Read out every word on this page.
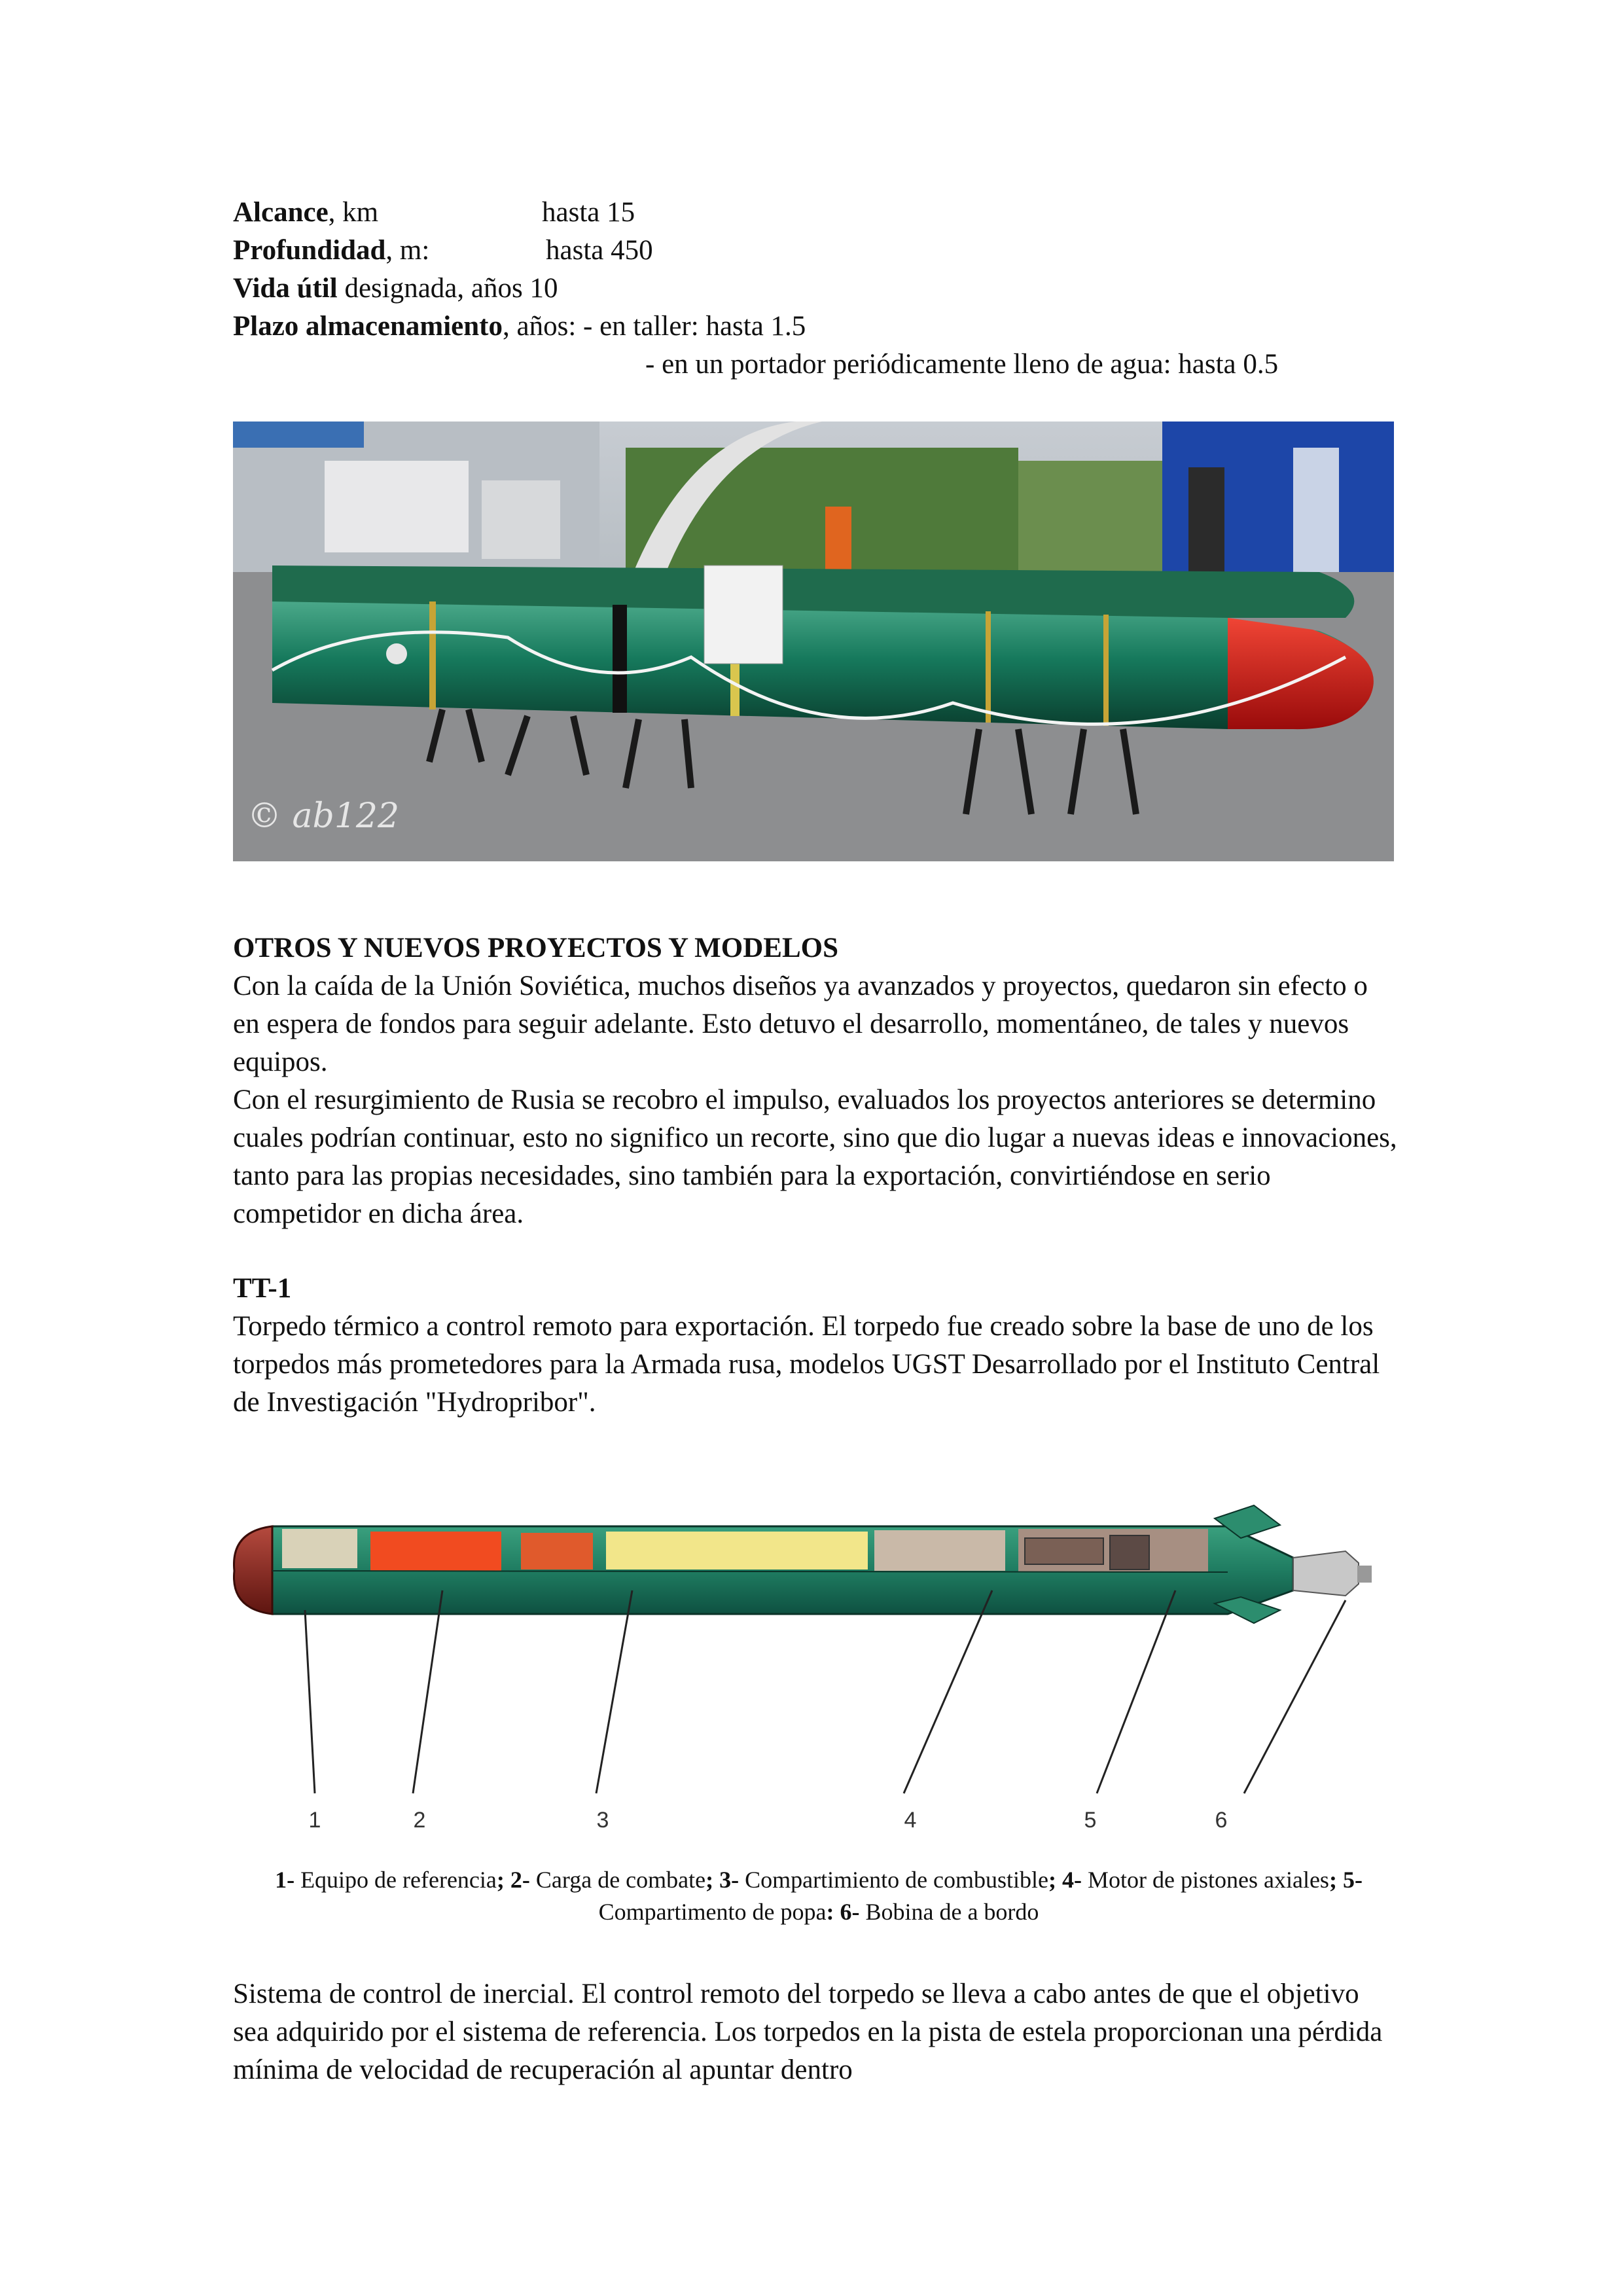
Alcance, km	hasta 15
Profundidad, m:	hasta 450
Vida útil designada, años 10
Plazo almacenamiento, años: - en taller: hasta 1.5
- en un portador periódicamente lleno de agua: hasta 0.5
© ab122
OTROS Y NUEVOS PROYECTOS Y MODELOS

Con la caída de la Unión Soviética, muchos diseños ya avanzados y proyectos, quedaron sin efecto o en espera de fondos para seguir adelante. Esto detuvo el desarrollo, momentáneo, de tales y nuevos equipos.

Con el resurgimiento de Rusia se recobro el impulso, evaluados los proyectos anteriores se determino cuales podrían continuar, esto no significo un recorte, sino que dio lugar a nuevas ideas e innovaciones, tanto para las propias necesidades, sino también para la exportación, convirtiéndose en serio competidor en dicha área.

TT-1

Torpedo térmico a control remoto para exportación. El torpedo fue creado sobre la base de uno de los torpedos más prometedores para la Armada rusa, modelos UGST Desarrollado por el Instituto Central de Investigación "Hydropribor".

1	2	3	4	5	6
1- Equipo de referencia; 2- Carga de combate; 3- Compartimiento de combustible; 4- Motor de pistones axiales; 5- Compartimento de popa: 6- Bobina de a bordo

Sistema de control de inercial. El control remoto del torpedo se lleva a cabo antes de que el objetivo sea adquirido por el sistema de referencia. Los torpedos en la pista de estela proporcionan una pérdida mínima de velocidad de recuperación al apuntar dentro
